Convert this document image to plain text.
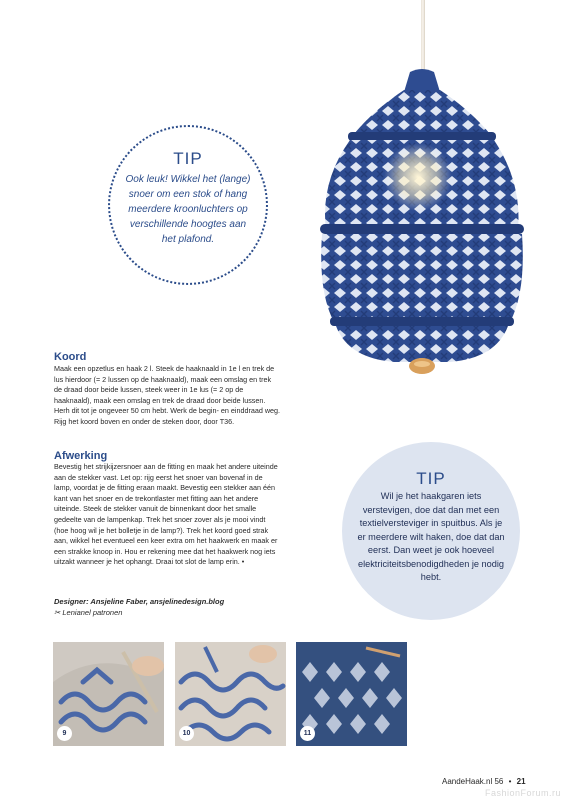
TIP
Ook leuk! Wikkel het (lange) snoer om een stok of hang meerdere kroonluchters op verschillende hoogtes aan het plafond.
Koord
Maak een opzetlus en haak 2 l. Steek de haaknaald in 1e l en trek de lus hierdoor (= 2 lussen op de haaknaald), maak een omslag en trek de draad door beide lussen, steek weer in 1e lus (= 2 op de haaknaald), maak een omslag en trek de draad door beide lussen. Herh dit tot je ongeveer 50 cm hebt. Werk de begin- en einddraad weg. Rijg het koord boven en onder de steken door, door T36.
Afwerking
Bevestig het strijkijzersnoer aan de fitting en maak het andere uiteinde aan de stekker vast. Let op: rijg eerst het snoer van bovenaf in de lamp, voordat je de fitting eraan maakt. Bevestig een stekker aan één kant van het snoer en de trekontlaster met fitting aan het andere uiteinde. Steek de stekker vanuit de binnenkant door het smalle gedeelte van de lampenkap. Trek het snoer zover als je mooi vindt (hoe hoog wil je het bolletje in de lamp?). Trek het koord goed strak aan, wikkel het eventueel een keer extra om het haakwerk en maak er een strakke knoop in. Hou er rekening mee dat het haakwerk nog iets uitzakt wanneer je het ophangt. Draai tot slot de lamp erin. •
Designer: Ansjeline Faber, ansjelinedesign.blog
✂ Lenianel patronen
TIP
Wil je het haakgaren iets verstevigen, doe dat dan met een textielversteviger in spuitbus. Als je er meerdere wilt haken, doe dat dan eerst. Dan weet je ook hoeveel elektriciteitsbenodigdheden je nodig hebt.
9	10	11
AandeHaak.nl 56 • 21
FashionForum.ru
